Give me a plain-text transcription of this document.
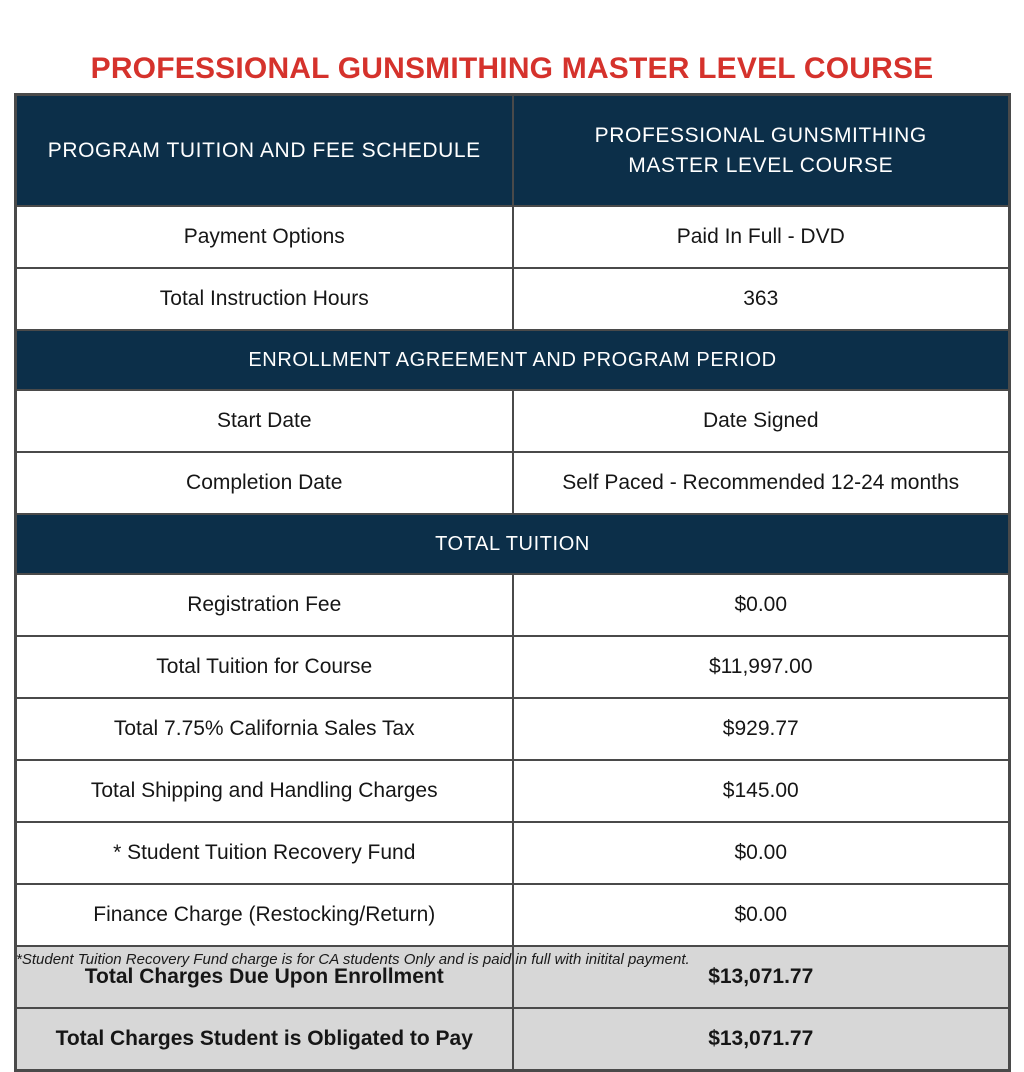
PROFESSIONAL GUNSMITHING MASTER LEVEL COURSE
PROGRAM TUITION AND FEE SCHEDULE	PROFESSIONAL GUNSMITHING
MASTER LEVEL COURSE

Payment Options	Paid In Full - DVD
Total Instruction Hours	363
ENROLLMENT AGREEMENT AND PROGRAM PERIOD	
Start Date	Date Signed
Completion Date	Self Paced - Recommended 12-24 months
TOTAL TUITION	
Registration Fee	$0.00
Total Tuition for Course	$11,997.00
Total 7.75% California Sales Tax	$929.77
Total Shipping and Handling Charges	$145.00
* Student Tuition Recovery Fund	$0.00
Finance Charge (Restocking/Return)	$0.00
Total Charges Due Upon Enrollment	$13,071.77
Total Charges Student is Obligated to Pay	$13,071.77
*Student Tuition Recovery Fund charge is for CA students Only and is paid in full with initital payment.
